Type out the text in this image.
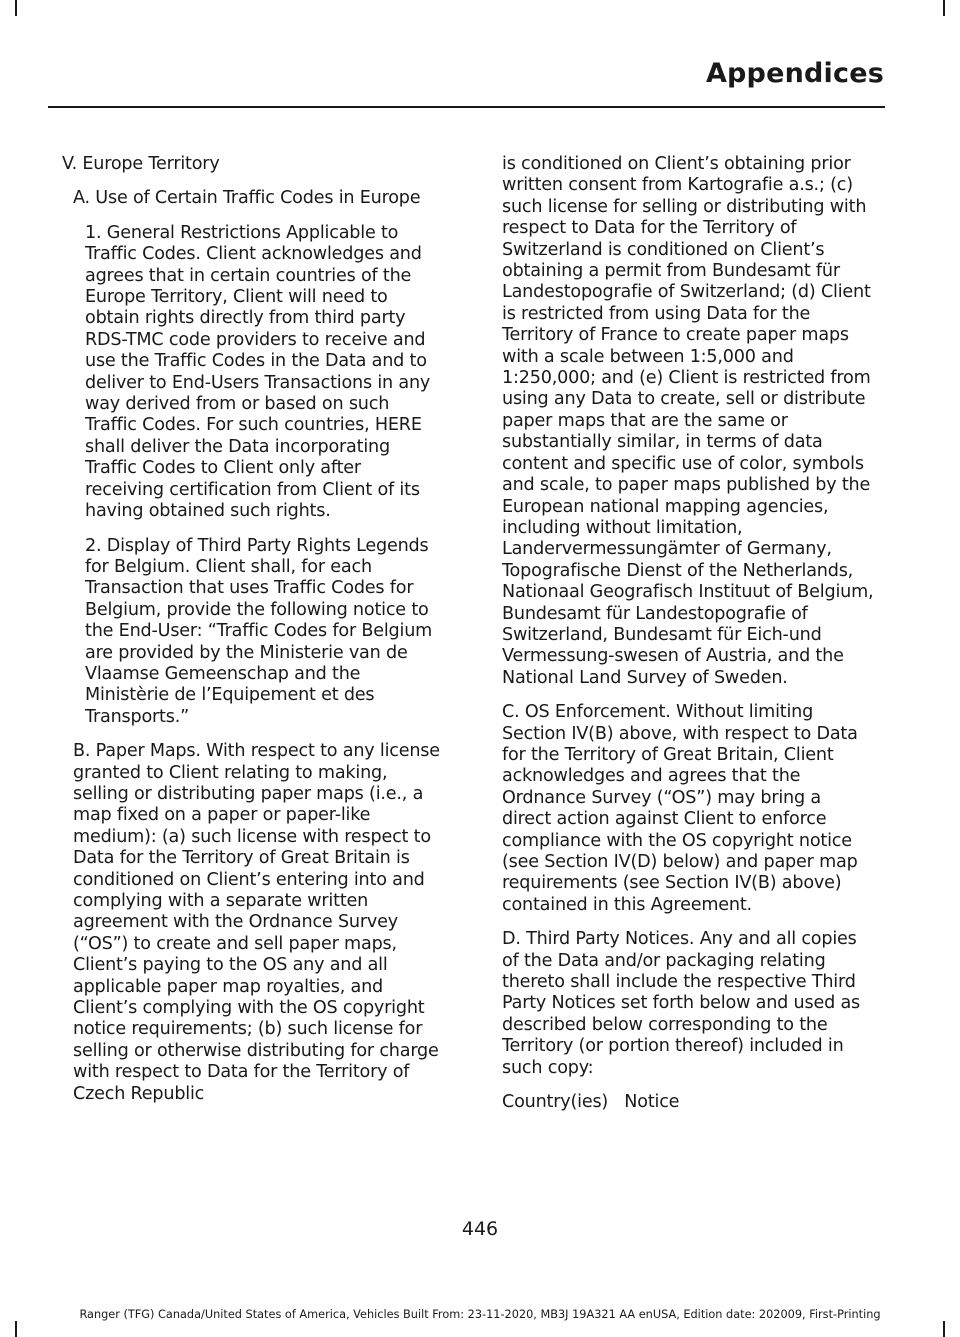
Appendices

V. Europe Territory

A. Use of Certain Traffic Codes in Europe

1. General Restrictions Applicable to Traffic Codes. Client acknowledges and agrees that in certain countries of the Europe Territory, Client will need to obtain rights directly from third party RDS-TMC code providers to receive and use the Traffic Codes in the Data and to deliver to End-Users Transactions in any way derived from or based on such Traffic Codes. For such countries, HERE shall deliver the Data incorporating Traffic Codes to Client only after receiving certification from Client of its having obtained such rights.

2. Display of Third Party Rights Legends for Belgium. Client shall, for each Transaction that uses Traffic Codes for Belgium, provide the following notice to the End-User: “Traffic Codes for Belgium are provided by the Ministerie van de Vlaamse Gemeenschap and the Ministèrie de l’Equipement et des Transports.”

B. Paper Maps. With respect to any license granted to Client relating to making, selling or distributing paper maps (i.e., a map fixed on a paper or paper-like medium): (a) such license with respect to Data for the Territory of Great Britain is conditioned on Client’s entering into and complying with a separate written agreement with the Ordnance Survey (“OS”) to create and sell paper maps, Client’s paying to the OS any and all applicable paper map royalties, and Client’s complying with the OS copyright notice requirements; (b) such license for selling or otherwise distributing for charge with respect to Data for the Territory of Czech Republic

is conditioned on Client’s obtaining prior written consent from Kartografie a.s.; (c) such license for selling or distributing with respect to Data for the Territory of Switzerland is conditioned on Client’s obtaining a permit from Bundesamt für Landestopografie of Switzerland; (d) Client is restricted from using Data for the Territory of France to create paper maps with a scale between 1:5,000 and 1:250,000; and (e) Client is restricted from using any Data to create, sell or distribute paper maps that are the same or substantially similar, in terms of data content and specific use of color, symbols and scale, to paper maps published by the European national mapping agencies, including without limitation, Landervermessungämter of Germany, Topografische Dienst of the Netherlands, Nationaal Geografisch Instituut of Belgium, Bundesamt für Landestopografie of Switzerland, Bundesamt für Eich-und Vermessung-swesen of Austria, and the National Land Survey of Sweden.

C. OS Enforcement. Without limiting Section IV(B) above, with respect to Data for the Territory of Great Britain, Client acknowledges and agrees that the Ordnance Survey (“OS”) may bring a direct action against Client to enforce compliance with the OS copyright notice (see Section IV(D) below) and paper map requirements (see Section IV(B) above) contained in this Agreement.

D. Third Party Notices. Any and all copies of the Data and/or packaging relating thereto shall include the respective Third Party Notices set forth below and used as described below corresponding to the Territory (or portion thereof) included in such copy:

Country(ies) Notice

446
Ranger (TFG) Canada/United States of America, Vehicles Built From: 23-11-2020, MB3J 19A321 AA enUSA, Edition date: 202009, First-Printing
